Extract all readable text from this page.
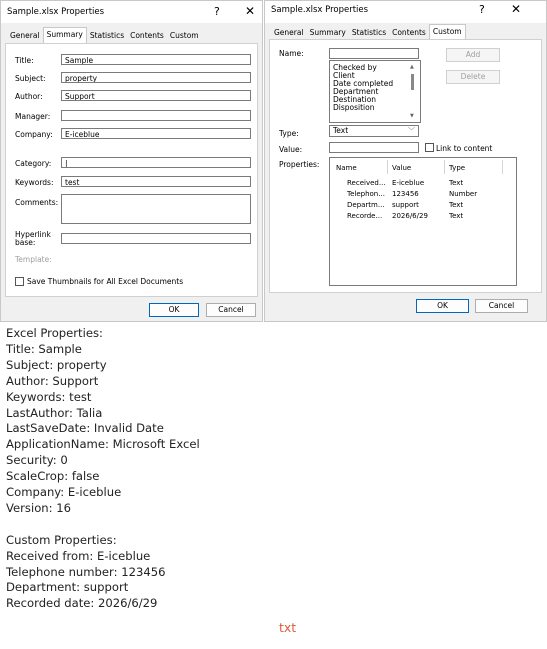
Sample.xlsx Properties	? ✕
General Summary Statistics Contents Custom
Title:	Sample
Subject:	property
Author:	Support
Manager:
Company:	E-iceblue
Category:	|
Keywords:	test
Comments:
Hyperlink
base:
Template:
Save Thumbnails for All Excel Documents
OK	Cancel
Sample.xlsx Properties	? ✕
General Summary Statistics Contents Custom
Name:	Add
Delete
Checked by
Client
Date completed
Department
Destination
Disposition
▲
▼
Type:	Text	﹀
Value:	Link to content
Properties: Name	Value	Type
Received... E-iceblue	Text
Telephon... 123456	Number
Departm... support	Text
Recorde... 2026/6/29	Text
OK	Cancel
Excel Properties:
Title: Sample
Subject: property
Author: Support
Keywords: test
LastAuthor: Talia
LastSaveDate: Invalid Date
ApplicationName: Microsoft Excel
Security: 0
ScaleCrop: false
Company: E-iceblue
Version: 16
Custom Properties:
Received from: E-iceblue
Telephone number: 123456
Department: support
Recorded date: 2026/6/29
txt
